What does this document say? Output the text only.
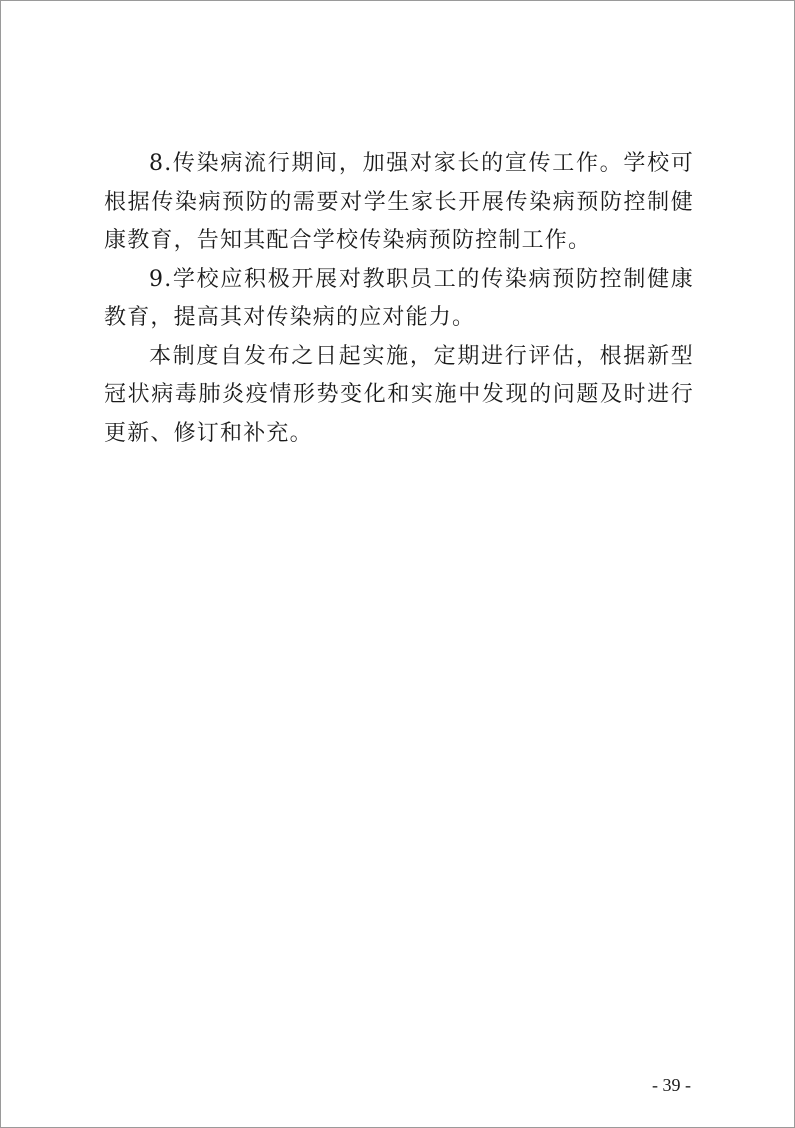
8.传染病流行期间，加强对家长的宣传工作。学校可根据传染病预防的需要对学生家长开展传染病预防控制健康教育，告知其配合学校传染病预防控制工作。

9.学校应积极开展对教职员工的传染病预防控制健康教育，提高其对传染病的应对能力。

本制度自发布之日起实施，定期进行评估，根据新型冠状病毒肺炎疫情形势变化和实施中发现的问题及时进行更新、修订和补充。

- 39 -
